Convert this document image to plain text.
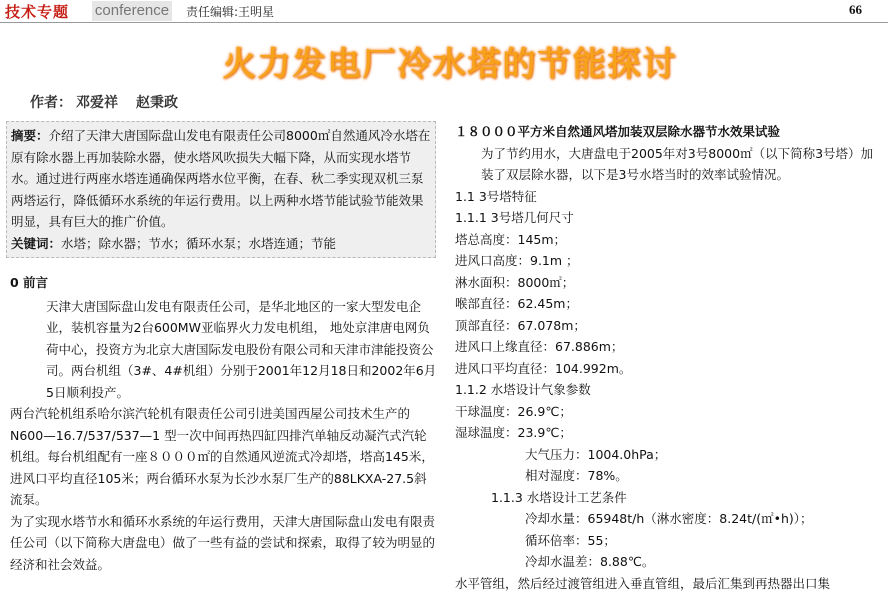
技术专题 conference 责任编辑:王明星	66
火力发电厂冷水塔的节能探讨
作者： 邓爱祥 赵秉政
摘要：介绍了天津大唐国际盘山发电有限责任公司8000㎡自然通风冷水塔在原有除水器上再加装除水器，使水塔风吹损失大幅下降，从而实现水塔节水。通过进行两座水塔连通确保两塔水位平衡，在春、秋二季实现双机三泵两塔运行，降低循环水系统的年运行费用。以上两种水塔节能试验节能效果明显，具有巨大的推广价值。
关键词：水塔；除水器；节水；循环水泵；水塔连通；节能
0 前言

天津大唐国际盘山发电有限责任公司，是华北地区的一家大型发电企业，装机容量为2台600MW亚临界火力发电机组， 地处京津唐电网负荷中心，投资方为北京大唐国际发电股份有限公司和天津市津能投资公司。两台机组（3#、4#机组）分别于2001年12月18日和2002年6月5日顺利投产。

两台汽轮机组系哈尔滨汽轮机有限责任公司引进美国西屋公司技术生产的N600—16.7/537/537—1 型一次中间再热四缸四排汽单轴反动凝汽式汽轮机组。每台机组配有一座８０００㎡的自然通风逆流式冷却塔，塔高145米， 进风口平均直径105米；两台循环水泵为长沙水泵厂生产的88LKXA-27.5斜流泵。

为了实现水塔节水和循环水系统的年运行费用，天津大唐国际盘山发电有限责任公司（以下简称大唐盘电）做了一些有益的尝试和探索，取得了较为明显的经济和社会效益。

１８０００平方米自然通风塔加装双层除水器节水效果试验

为了节约用水，大唐盘电于2005年对3号8000㎡（以下简称3号塔）加装了双层除水器，以下是3号水塔当时的效率试验情况。

1.1 3号塔特征
1.1.1 3号塔几何尺寸
塔总高度：145m；
进风口高度：9.1m ；
淋水面积：8000㎡；
喉部直径：62.45m；
顶部直径：67.078m；
进风口上缘直径：67.886m；
进风口平均直径：104.992m。
1.1.2 水塔设计气象参数
干球温度：26.9℃；
湿球温度：23.9℃；
大气压力：1004.0hPa；
相对湿度：78%。
1.1.3 水塔设计工艺条件
冷却水量：65948t/h（淋水密度：8.24t/(㎡•h)）；
循环倍率：55；
冷却水温差：8.88℃。
水平管组，然后经过渡管组进入垂直管组，最后汇集到再热器出口集
